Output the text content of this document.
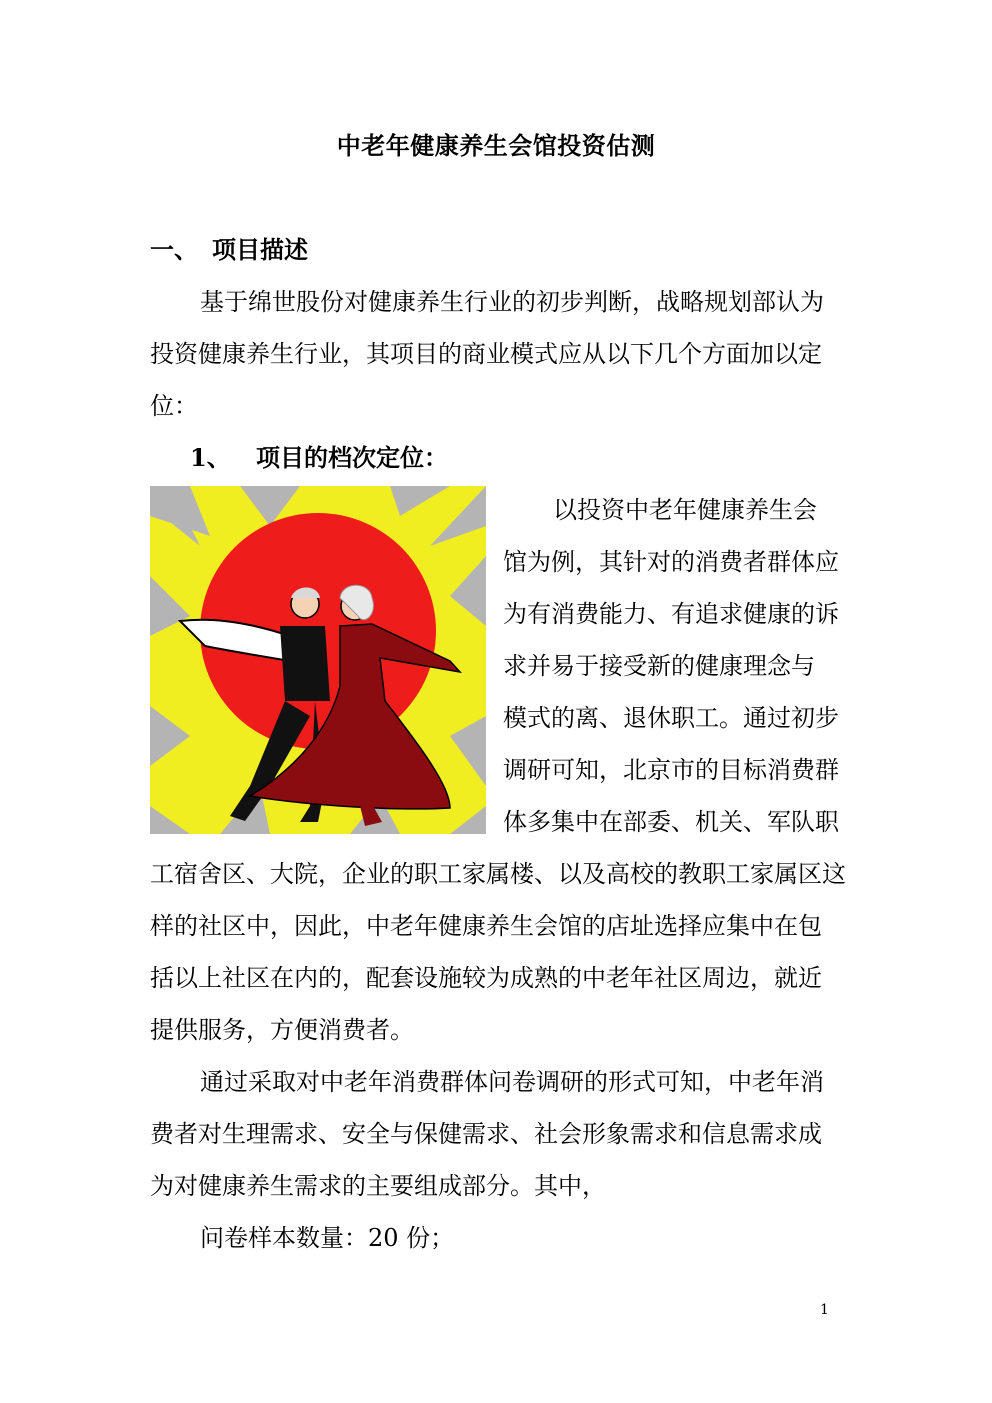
中老年健康养生会馆投资估测
一、 项目描述
基于绵世股份对健康养生行业的初步判断，战略规划部认为
投资健康养生行业，其项目的商业模式应从以下几个方面加以定
位：
1、 项目的档次定位：
以投资中老年健康养生会
馆为例，其针对的消费者群体应
为有消费能力、有追求健康的诉
求并易于接受新的健康理念与
模式的离、退休职工。通过初步
调研可知，北京市的目标消费群
体多集中在部委、机关、军队职
工宿舍区、大院，企业的职工家属楼、以及高校的教职工家属区这
样的社区中，因此，中老年健康养生会馆的店址选择应集中在包
括以上社区在内的，配套设施较为成熟的中老年社区周边，就近
提供服务，方便消费者。
通过采取对中老年消费群体问卷调研的形式可知，中老年消
费者对生理需求、安全与保健需求、社会形象需求和信息需求成
为对健康养生需求的主要组成部分。其中，
问卷样本数量：20 份；
1
